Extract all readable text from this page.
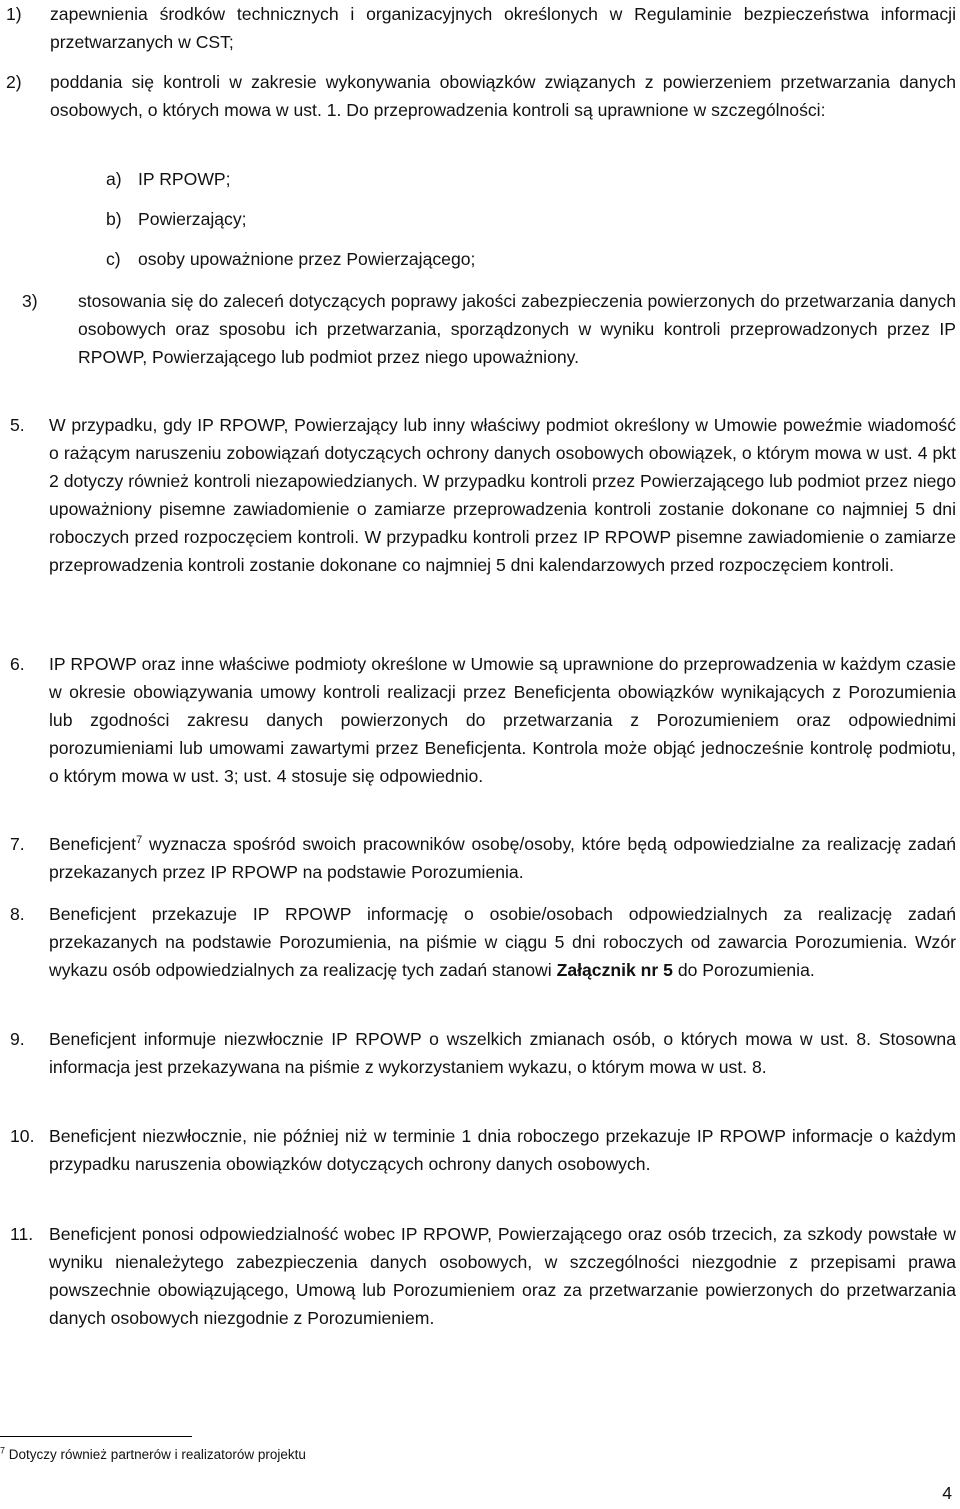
1)	zapewnienia środków technicznych i organizacyjnych określonych w Regulaminie bezpieczeństwa informacji przetwarzanych w CST;

2)	poddania się kontroli w zakresie wykonywania obowiązków związanych z powierzeniem przetwarzania danych osobowych, o których mowa w ust. 1. Do przeprowadzenia kontroli są uprawnione w szczególności:

a) IP RPOWP;
b) Powierzający;
c) osoby upoważnione przez Powierzającego;
3)	stosowania się do zaleceń dotyczących poprawy jakości zabezpieczenia powierzonych do przetwarzania danych osobowych oraz sposobu ich przetwarzania, sporządzonych w wyniku kontroli przeprowadzonych przez IP RPOWP, Powierzającego lub podmiot przez niego upoważniony.

5.	W przypadku, gdy IP RPOWP, Powierzający lub inny właściwy podmiot określony w Umowie poweźmie wiadomość o rażącym naruszeniu zobowiązań dotyczących ochrony danych osobowych obowiązek, o którym mowa w ust. 4 pkt 2 dotyczy również kontroli niezapowiedzianych. W przypadku kontroli przez Powierzającego lub podmiot przez niego upoważniony pisemne zawiadomienie o zamiarze przeprowadzenia kontroli zostanie dokonane co najmniej 5 dni roboczych przed rozpoczęciem kontroli. W przypadku kontroli przez IP RPOWP pisemne zawiadomienie o zamiarze przeprowadzenia kontroli zostanie dokonane co najmniej 5 dni kalendarzowych przed rozpoczęciem kontroli.

6.	IP RPOWP oraz inne właściwe podmioty określone w Umowie są uprawnione do przeprowadzenia w każdym czasie w okresie obowiązywania umowy kontroli realizacji przez Beneficjenta obowiązków wynikających z Porozumienia lub zgodności zakresu danych powierzonych do przetwarzania z Porozumieniem oraz odpowiednimi porozumieniami lub umowami zawartymi przez Beneficjenta. Kontrola może objąć jednocześnie kontrolę podmiotu, o którym mowa w ust. 3; ust. 4 stosuje się odpowiednio.

7.	Beneficjent$^7$ wyznacza spośród swoich pracowników osobę/osoby, które będą odpowiedzialne za realizację zadań przekazanych przez IP RPOWP na podstawie Porozumienia.

8.	Beneficjent przekazuje IP RPOWP informację o osobie/osobach odpowiedzialnych za realizację zadań przekazanych na podstawie Porozumienia, na piśmie w ciągu 5 dni roboczych od zawarcia Porozumienia. Wzór wykazu osób odpowiedzialnych za realizację tych zadań stanowi Załącznik nr 5 do Porozumienia.

9.	Beneficjent informuje niezwłocznie IP RPOWP o wszelkich zmianach osób, o których mowa w ust. 8. Stosowna informacja jest przekazywana na piśmie z wykorzystaniem wykazu, o którym mowa w ust. 8.

10. Beneficjent niezwłocznie, nie później niż w terminie 1 dnia roboczego przekazuje IP RPOWP informacje o każdym przypadku naruszenia obowiązków dotyczących ochrony danych osobowych.

11. Beneficjent ponosi odpowiedzialność wobec IP RPOWP, Powierzającego oraz osób trzecich, za szkody powstałe w wyniku nienależytego zabezpieczenia danych osobowych, w szczególności niezgodnie z przepisami prawa powszechnie obowiązującego, Umową lub Porozumieniem oraz za przetwarzanie powierzonych do przetwarzania danych osobowych niezgodnie z Porozumieniem.

$^7$ Dotyczy również partnerów i realizatorów projektu
4
